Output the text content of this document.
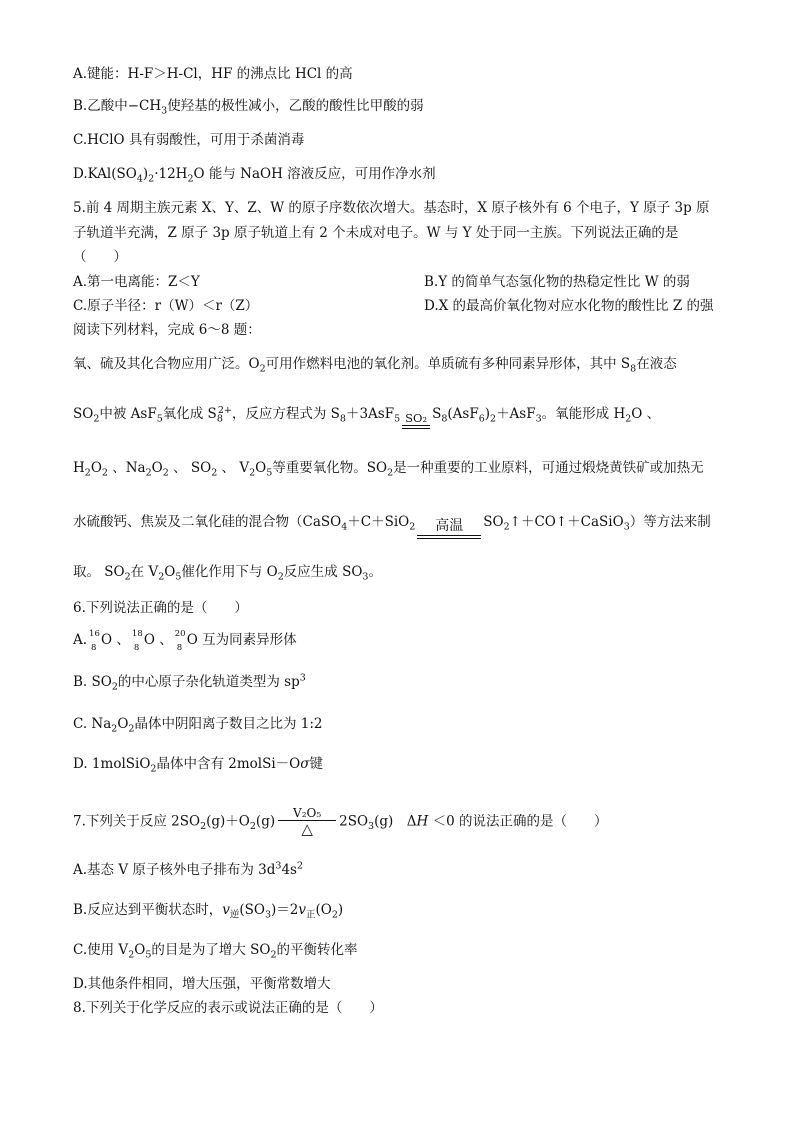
A.键能：H-F＞H-Cl，HF 的沸点比 HCl 的高
B.乙酸中$-CH_3$使羟基的极性减小，乙酸的酸性比甲酸的弱
C.HClO 具有弱酸性，可用于杀菌消毒
$D.KAl(SO_4)_2\cdot 12H_2O$ 能与 NaOH 溶液反应，可用作净水剂
5.前 4 周期主族元素 X、Y、Z、W 的原子序数依次增大。基态时，X 原子核外有 6 个电子，Y 原子 3p 原
子轨道半充满，Z 原子 3p 原子轨道上有 2 个未成对电子。W 与 Y 处于同一主族。下列说法正确的是
（　　）
A.第一电离能：Z＜Y	B.Y 的简单气态氢化物的热稳定性比 W 的弱
C.原子半径：r（W）＜r（Z）	D.X 的最高价氧化物对应水化物的酸性比 Z 的强
阅读下列材料，完成 6～8 题：
氧、硫及其化合物应用广泛。$O_2$可用作燃料电池的氧化剂。单质硫有多种同素异形体，其中 $S_8$在液态
$SO_2$中被 AsF$_5$氧化成 $S_8^{2+}$，反应方程式为 $S_8+3AsF_5$ SO₂ $S_8(AsF_6)_2+AsF_3$。氧能形成 $H_2O$ 、
$H_2O_2$ 、$Na_2O_2$ 、 $SO_2$ 、 $V_2O_5$等重要氧化物。$SO_2$是一种重要的工业原料，可通过煅烧黄铁矿或加热无
水硫酸钙、焦炭及二氧化硅的混合物（CaSO$_4$＋C＋SiO$_2$	高温	$SO_2↑+CO↑+CaSiO_3$）等方法来制
取。 $SO_2$在 $V_2O_5$催化作用下与 $O_2$反应生成 $SO_3$。
6.下列说法正确的是（　　）
A. 16
8 O 、 18
8 O 、 20
8 O 互为同素异形体
B. $SO_2$的中心原子杂化轨道类型为 $sp^3$
C. $Na_2O_2$晶体中阴阳离子数目之比为 1:2
D. 1molSiO$_2$晶体中含有 2molSi－Oσ键
7.下列关于反应 $2SO_2(g)+O_2(g) \frac{\text{V₂O₅}}{\triangle} 2SO_3(g)$　ΔH ＜0 的说法正确的是（　　）
A.基态 V 原子核外电子排布为 $3d^34s^2$
B.反应达到平衡状态时，$v_逆(SO_3)=2v_正(O_2)$
C.使用 $V_2O_5$的目是为了增大 $SO_2$的平衡转化率
D.其他条件相同，增大压强，平衡常数增大
8.下列关于化学反应的表示或说法正确的是（　　）
